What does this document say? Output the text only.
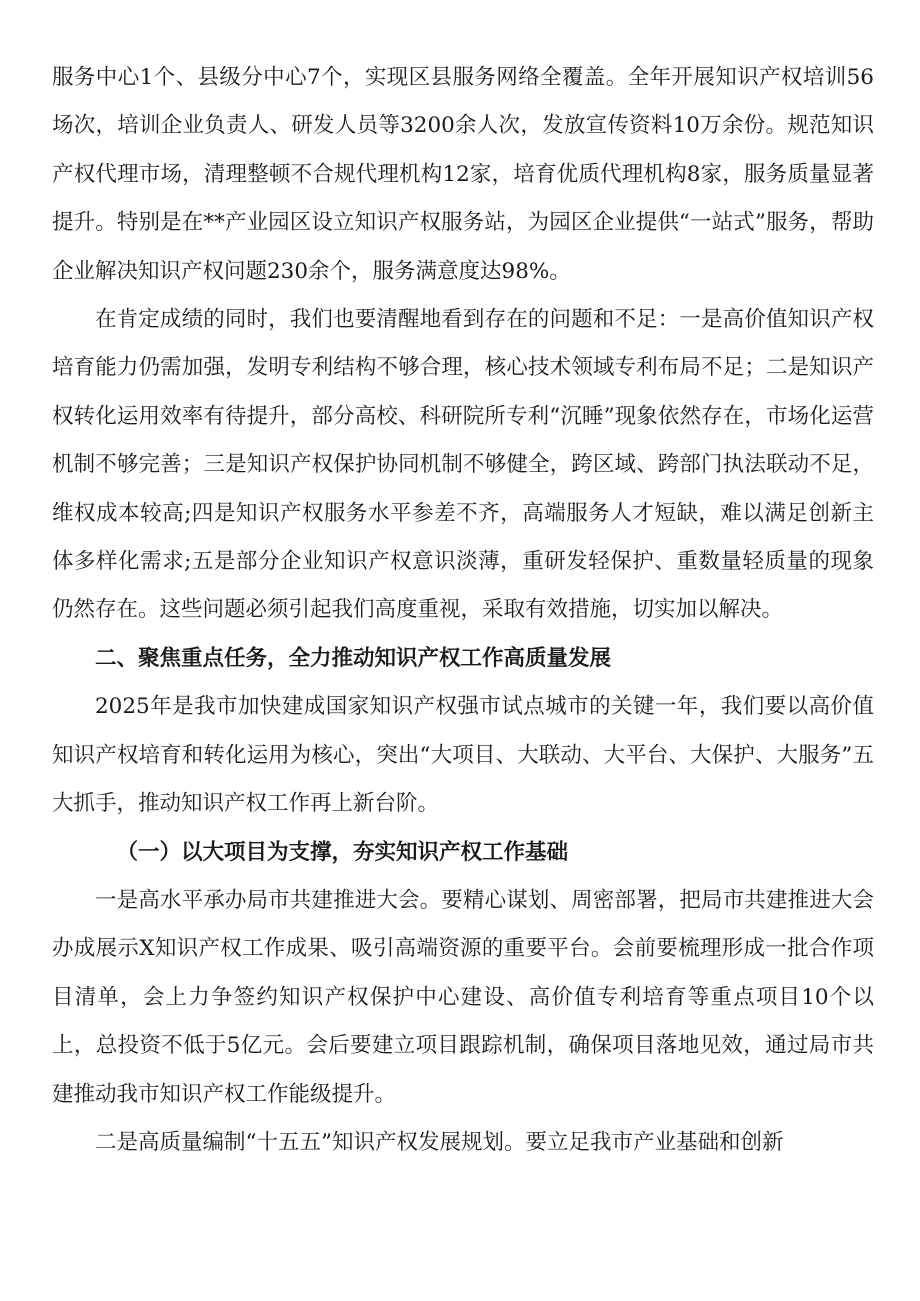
服务中心1个、县级分中心7个，实现区县服务网络全覆盖。全年开展知识产权培训56场次，培训企业负责人、研发人员等3200余人次，发放宣传资料10万余份。规范知识产权代理市场，清理整顿不合规代理机构12家，培育优质代理机构8家，服务质量显著提升。特别是在**产业园区设立知识产权服务站，为园区企业提供“一站式”服务，帮助企业解决知识产权问题230余个，服务满意度达98%。

在肯定成绩的同时，我们也要清醒地看到存在的问题和不足：一是高价值知识产权培育能力仍需加强，发明专利结构不够合理，核心技术领域专利布局不足；二是知识产权转化运用效率有待提升，部分高校、科研院所专利“沉睡”现象依然存在，市场化运营机制不够完善；三是知识产权保护协同机制不够健全，跨区域、跨部门执法联动不足，维权成本较高;四是知识产权服务水平参差不齐，高端服务人才短缺，难以满足创新主体多样化需求;五是部分企业知识产权意识淡薄，重研发轻保护、重数量轻质量的现象仍然存在。这些问题必须引起我们高度重视，采取有效措施，切实加以解决。

二、聚焦重点任务，全力推动知识产权工作高质量发展

2025年是我市加快建成国家知识产权强市试点城市的关键一年，我们要以高价值知识产权培育和转化运用为核心，突出“大项目、大联动、大平台、大保护、大服务”五大抓手，推动知识产权工作再上新台阶。

（一）以大项目为支撑，夯实知识产权工作基础

一是高水平承办局市共建推进大会。要精心谋划、周密部署，把局市共建推进大会办成展示X知识产权工作成果、吸引高端资源的重要平台。会前要梳理形成一批合作项目清单，会上力争签约知识产权保护中心建设、高价值专利培育等重点项目10个以上，总投资不低于5亿元。会后要建立项目跟踪机制，确保项目落地见效，通过局市共建推动我市知识产权工作能级提升。

二是高质量编制“十五五”知识产权发展规划。要立足我市产业基础和创新
